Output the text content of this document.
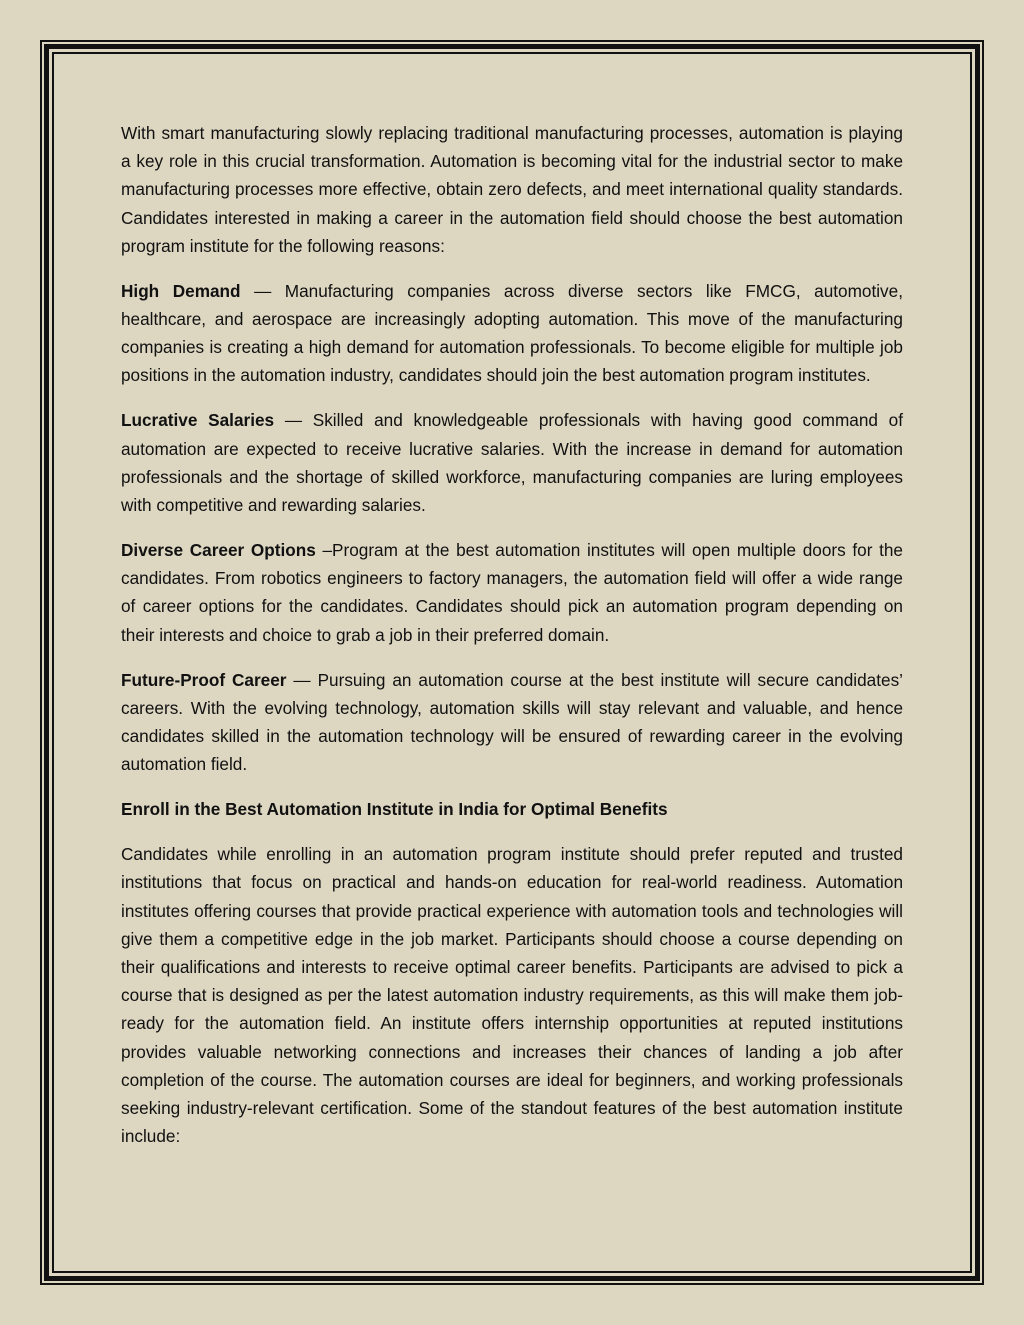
With smart manufacturing slowly replacing traditional manufacturing processes, automation is playing a key role in this crucial transformation. Automation is becoming vital for the industrial sector to make manufacturing processes more effective, obtain zero defects, and meet international quality standards. Candidates interested in making a career in the automation field should choose the best automation program institute for the following reasons:

High Demand — Manufacturing companies across diverse sectors like FMCG, automotive, healthcare, and aerospace are increasingly adopting automation. This move of the manufacturing companies is creating a high demand for automation professionals. To become eligible for multiple job positions in the automation industry, candidates should join the best automation program institutes.

Lucrative Salaries — Skilled and knowledgeable professionals with having good command of automation are expected to receive lucrative salaries. With the increase in demand for automation professionals and the shortage of skilled workforce, manufacturing companies are luring employees with competitive and rewarding salaries.

Diverse Career Options –Program at the best automation institutes will open multiple doors for the candidates. From robotics engineers to factory managers, the automation field will offer a wide range of career options for the candidates. Candidates should pick an automation program depending on their interests and choice to grab a job in their preferred domain.

Future-Proof Career — Pursuing an automation course at the best institute will secure candidates’ careers. With the evolving technology, automation skills will stay relevant and valuable, and hence candidates skilled in the automation technology will be ensured of rewarding career in the evolving automation field.

Enroll in the Best Automation Institute in India for Optimal Benefits

Candidates while enrolling in an automation program institute should prefer reputed and trusted institutions that focus on practical and hands-on education for real-world readiness. Automation institutes offering courses that provide practical experience with automation tools and technologies will give them a competitive edge in the job market. Participants should choose a course depending on their qualifications and interests to receive optimal career benefits. Participants are advised to pick a course that is designed as per the latest automation industry requirements, as this will make them job-ready for the automation field. An institute offers internship opportunities at reputed institutions provides valuable networking connections and increases their chances of landing a job after completion of the course. The automation courses are ideal for beginners, and working professionals seeking industry-relevant certification. Some of the standout features of the best automation institute include:
